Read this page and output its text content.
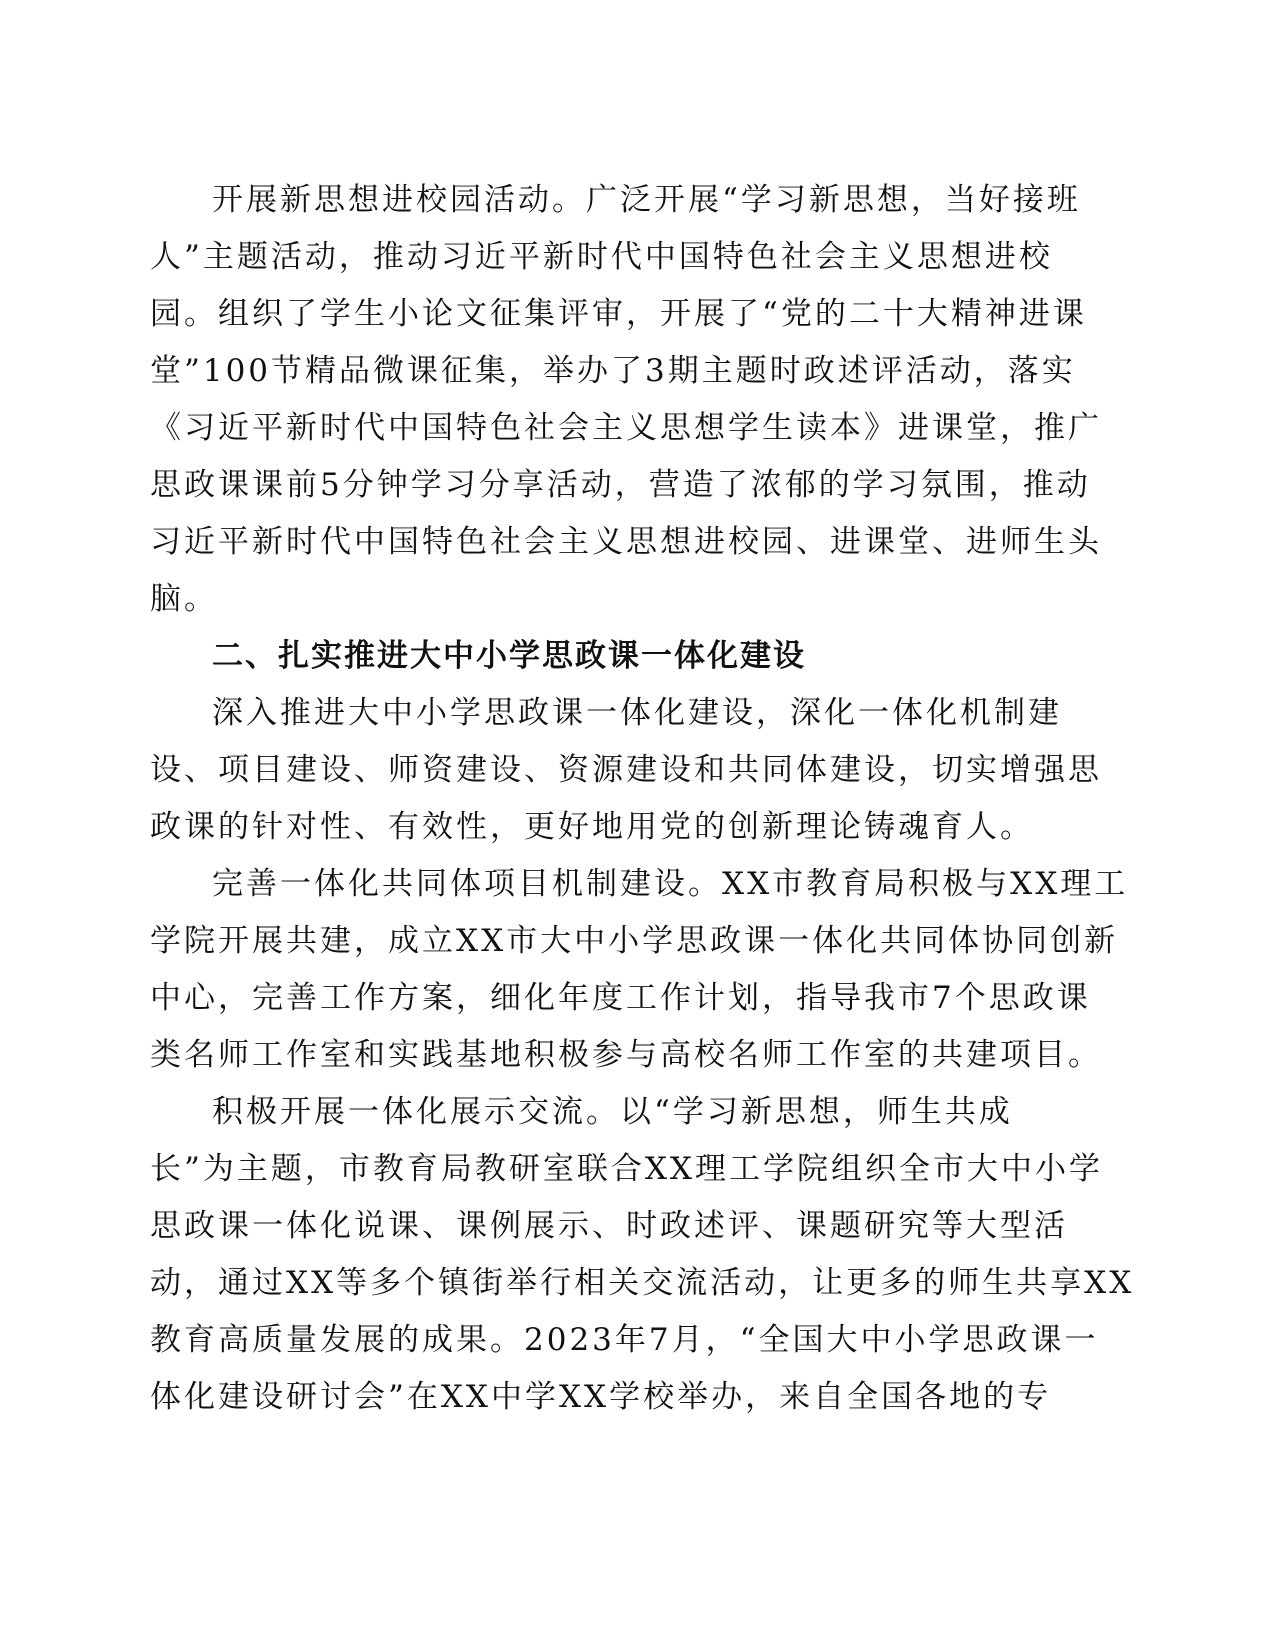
开展新思想进校园活动。广泛开展“学习新思想，当好接班
人”主题活动，推动习近平新时代中国特色社会主义思想进校
园。组织了学生小论文征集评审，开展了“党的二十大精神进课
堂”100节精品微课征集，举办了3期主题时政述评活动，落实
《习近平新时代中国特色社会主义思想学生读本》进课堂，推广
思政课课前5分钟学习分享活动，营造了浓郁的学习氛围，推动
习近平新时代中国特色社会主义思想进校园、进课堂、进师生头
脑。
二、扎实推进大中小学思政课一体化建设
深入推进大中小学思政课一体化建设，深化一体化机制建
设、项目建设、师资建设、资源建设和共同体建设，切实增强思
政课的针对性、有效性，更好地用党的创新理论铸魂育人。
完善一体化共同体项目机制建设。XX市教育局积极与XX理工
学院开展共建，成立XX市大中小学思政课一体化共同体协同创新
中心，完善工作方案，细化年度工作计划，指导我市7个思政课
类名师工作室和实践基地积极参与高校名师工作室的共建项目。
积极开展一体化展示交流。以“学习新思想，师生共成
长”为主题，市教育局教研室联合XX理工学院组织全市大中小学
思政课一体化说课、课例展示、时政述评、课题研究等大型活
动，通过XX等多个镇街举行相关交流活动，让更多的师生共享XX
教育高质量发展的成果。2023年7月，“全国大中小学思政课一
体化建设研讨会”在XX中学XX学校举办，来自全国各地的专
